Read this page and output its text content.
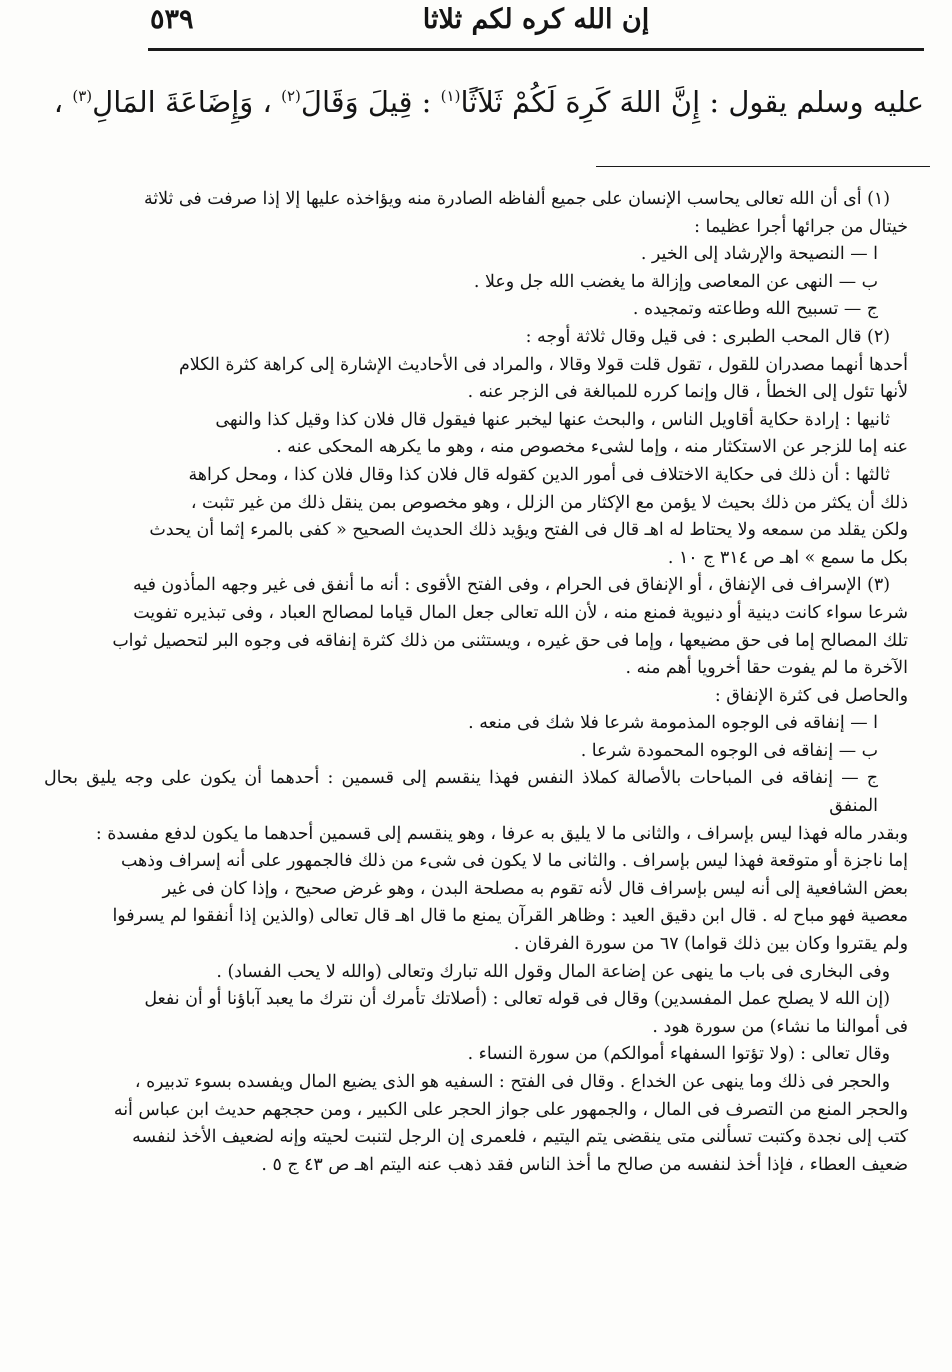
إن الله كره لكم ثلاثا
٥٣٩
عليه وسلم يقول : إِنَّ اللهَ كَرِهَ لَكُمْ ثَلاَثًا$^{(١)}$ : قِيلَ وَقَالَ$^{(٢)}$ ، وَإِضَاعَةَ المَالِ$^{(٣)}$ ،

(١) أى أن الله تعالى يحاسب الإنسان على جميع ألفاظه الصادرة منه ويؤاخذه عليها إلا إذا صرفت فى ثلاثة

خيتال من جرائها أجرا عظيما :

ا — النصيحة والإرشاد إلى الخير .

ب — النهى عن المعاصى وإزالة ما يغضب الله جل وعلا .

ج — تسبيح الله وطاعته وتمجيده .

(٢) قال المحب الطبرى : فى قيل وقال ثلاثة أوجه :

أحدها أنهما مصدران للقول ، تقول قلت قولا وقالا ، والمراد فى الأحاديث الإشارة إلى كراهة كثرة الكلام

لأنها تئول إلى الخطأ ، قال وإنما كرره للمبالغة فى الزجر عنه .

ثانيها : إرادة حكاية أقاويل الناس ، والبحث عنها ليخبر عنها فيقول قال فلان كذا وقيل كذا والنهى

عنه إما للزجر عن الاستكثار منه ، وإما لشىء مخصوص منه ، وهو ما يكرهه المحكى عنه .

ثالثها : أن ذلك فى حكاية الاختلاف فى أمور الدين كقوله قال فلان كذا وقال فلان كذا ، ومحل كراهة

ذلك أن يكثر من ذلك بحيث لا يؤمن مع الإكثار من الزلل ، وهو مخصوص بمن ينقل ذلك من غير تثبت ،

ولكن يقلد من سمعه ولا يحتاط له اهـ قال فى الفتح ويؤيد ذلك الحديث الصحيح « كفى بالمرء إثما أن يحدث

بكل ما سمع » اهـ ص ٣١٤ ج ١٠ .

(٣) الإسراف فى الإنفاق ، أو الإنفاق فى الحرام ، وفى الفتح الأقوى : أنه ما أنفق فى غير وجهه المأذون فيه

شرعا سواء كانت دينية أو دنيوية فمنع منه ، لأن الله تعالى جعل المال قياما لمصالح العباد ، وفى تبذيره تفويت

تلك المصالح إما فى حق مضيعها ، وإما فى حق غيره ، ويستثنى من ذلك كثرة إنفاقه فى وجوه البر لتحصيل ثواب

الآخرة ما لم يفوت حقا أخرويا أهم منه .

والحاصل فى كثرة الإنفاق :

ا — إنفاقه فى الوجوه المذمومة شرعا فلا شك فى منعه .

ب — إنفاقه فى الوجوه المحمودة شرعا .

ج — إنفاقه فى المباحات بالأصالة كملاذ النفس فهذا ينقسم إلى قسمين : أحدهما أن يكون على وجه يليق بحال المنفق

وبقدر ماله فهذا ليس بإسراف ، والثانى ما لا يليق به عرفا ، وهو ينقسم إلى قسمين أحدهما ما يكون لدفع مفسدة :

إما ناجزة أو متوقعة فهذا ليس بإسراف . والثانى ما لا يكون فى شىء من ذلك فالجمهور على أنه إسراف وذهب

بعض الشافعية إلى أنه ليس بإسراف قال لأنه تقوم به مصلحة البدن ، وهو غرض صحيح ، وإذا كان فى غير

معصية فهو مباح له . قال ابن دقيق العيد : وظاهر القرآن يمنع ما قال اهـ قال تعالى (والذين إذا أنفقوا لم يسرفوا

ولم يقتروا وكان بين ذلك قواما) ٦٧ من سورة الفرقان .

وفى البخارى فى باب ما ينهى عن إضاعة المال وقول الله تبارك وتعالى (والله لا يحب الفساد) .

(إن الله لا يصلح عمل المفسدين) وقال فى قوله تعالى : (أصلاتك تأمرك أن نترك ما يعبد آباؤنا أو أن نفعل

فى أموالنا ما نشاء) من سورة هود .

وقال تعالى : (ولا تؤتوا السفهاء أموالكم) من سورة النساء .

والحجر فى ذلك وما ينهى عن الخداع . وقال فى الفتح : السفيه هو الذى يضيع المال ويفسده بسوء تدبيره ،

والحجر المنع من التصرف فى المال ، والجمهور على جواز الحجر على الكبير ، ومن حججهم حديث ابن عباس أنه

كتب إلى نجدة وكتبت تسألنى متى ينقضى يتم اليتيم ، فلعمرى إن الرجل لتنبت لحيته وإنه لضعيف الأخذ لنفسه

ضعيف العطاء ، فإذا أخذ لنفسه من صالح ما أخذ الناس فقد ذهب عنه اليتم اهـ ص ٤٣ ج ٥ .
